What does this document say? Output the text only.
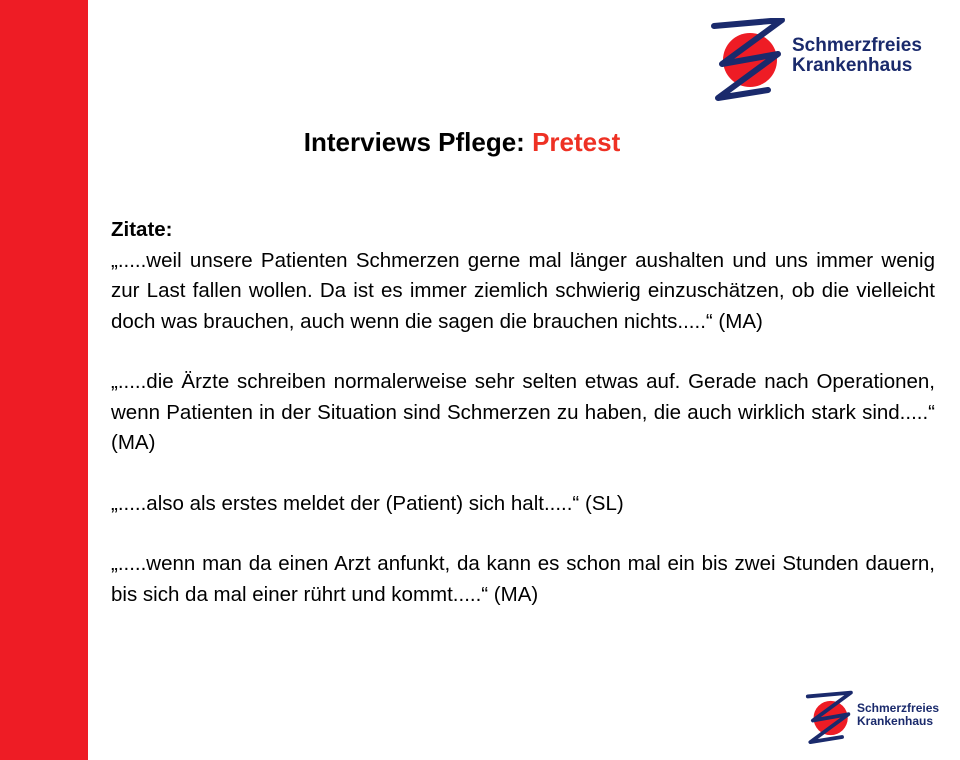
Schmerzfreies
Krankenhaus
Interviews Pflege: Pretest
Zitate:

„.....weil unsere Patienten Schmerzen gerne mal länger aushalten und uns immer wenig zur Last fallen wollen. Da ist es immer ziemlich schwierig einzuschätzen, ob die vielleicht doch was brauchen, auch wenn die sagen die brauchen nichts.....“ (MA)

„.....die Ärzte schreiben normalerweise sehr selten etwas auf. Gerade nach Operationen, wenn Patienten in der Situation sind Schmerzen zu haben, die auch wirklich stark sind.....“ (MA)

„.....also als erstes meldet der (Patient) sich halt.....“ (SL)

„.....wenn man da einen Arzt anfunkt, da kann es schon mal ein bis zwei Stunden dauern, bis sich da mal einer rührt und kommt.....“ (MA)

Schmerzfreies
Krankenhaus
